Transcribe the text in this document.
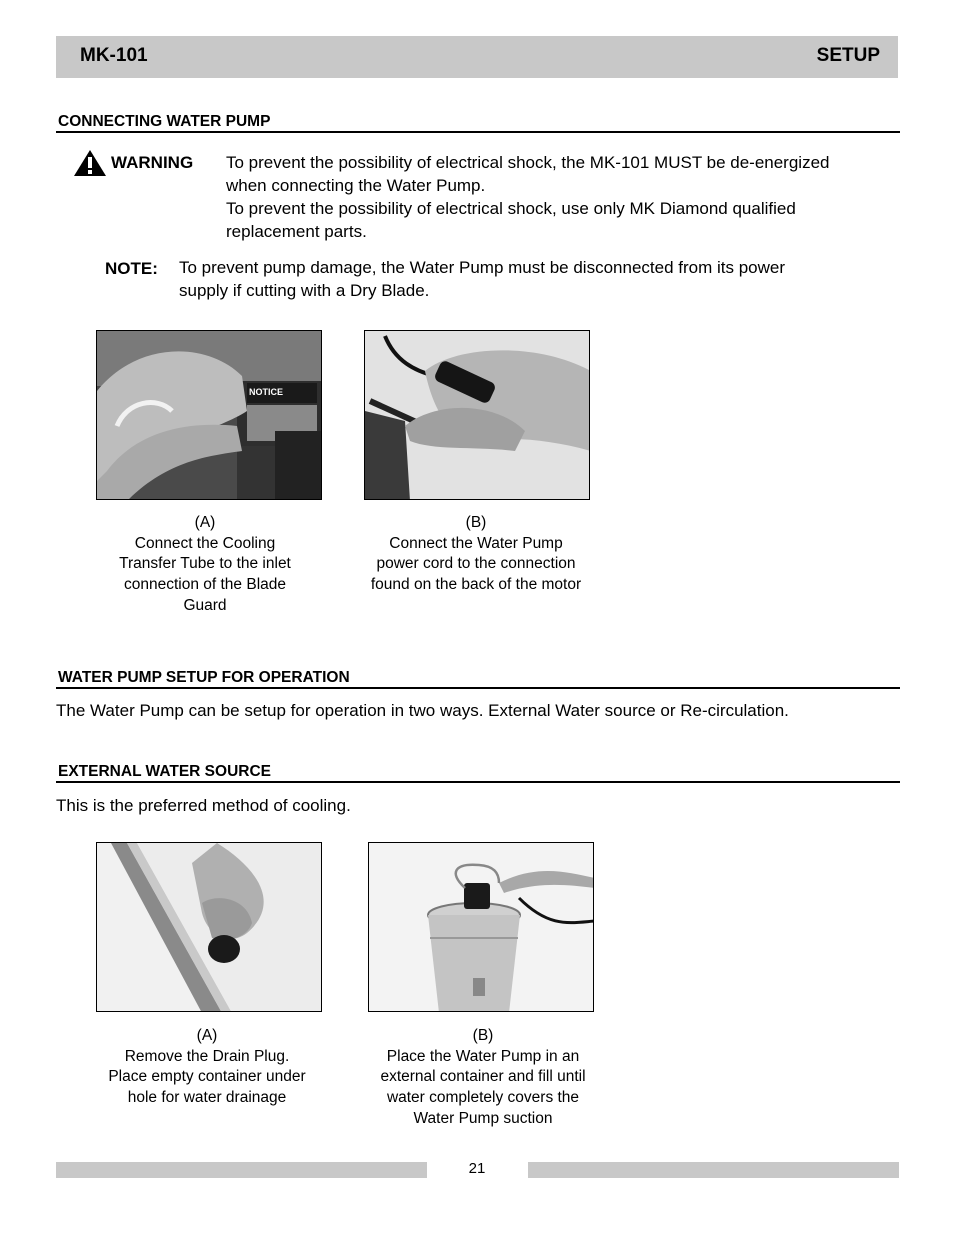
MK-101	SETUP
CONNECTING WATER PUMP
WARNING To prevent the possibility of electrical shock, the MK-101 MUST be de-energized
when connecting the Water Pump.
To prevent the possibility of electrical shock, use only MK Diamond qualified
replacement parts.
NOTE: To prevent pump damage, the Water Pump must be disconnected from its power
supply if cutting with a Dry Blade.
NOTICE
(A)
Connect the Cooling
Transfer Tube to the inlet
connection of the Blade
Guard
(B)
Connect the Water Pump
power cord to the connection
found on the back of the motor
WATER PUMP SETUP FOR OPERATION
The Water Pump can be setup for operation in two ways. External Water source or Re-circulation.
EXTERNAL WATER SOURCE
This is the preferred method of cooling.
(A)
Remove the Drain Plug.
Place empty container under
hole for water drainage
(B)
Place the Water Pump in an
external container and fill until
water completely covers the
Water Pump suction
21
